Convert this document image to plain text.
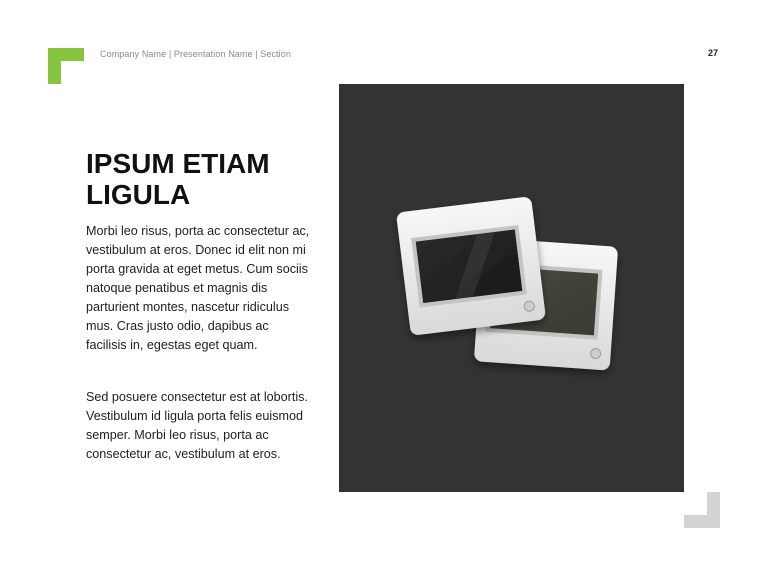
Company Name | Presentation Name | Section	27
IPSUM ETIAM LIGULA

Morbi leo risus, porta ac consectetur ac, vestibulum at eros. Donec id elit non mi porta gravida at eget metus. Cum sociis natoque penatibus et magnis dis parturient montes, nascetur ridiculus mus. Cras justo odio, dapibus ac facilisis in, egestas eget quam.

Sed posuere consectetur est at lobortis. Vestibulum id ligula porta felis euismod semper. Morbi leo risus, porta ac consectetur ac, vestibulum at eros.
